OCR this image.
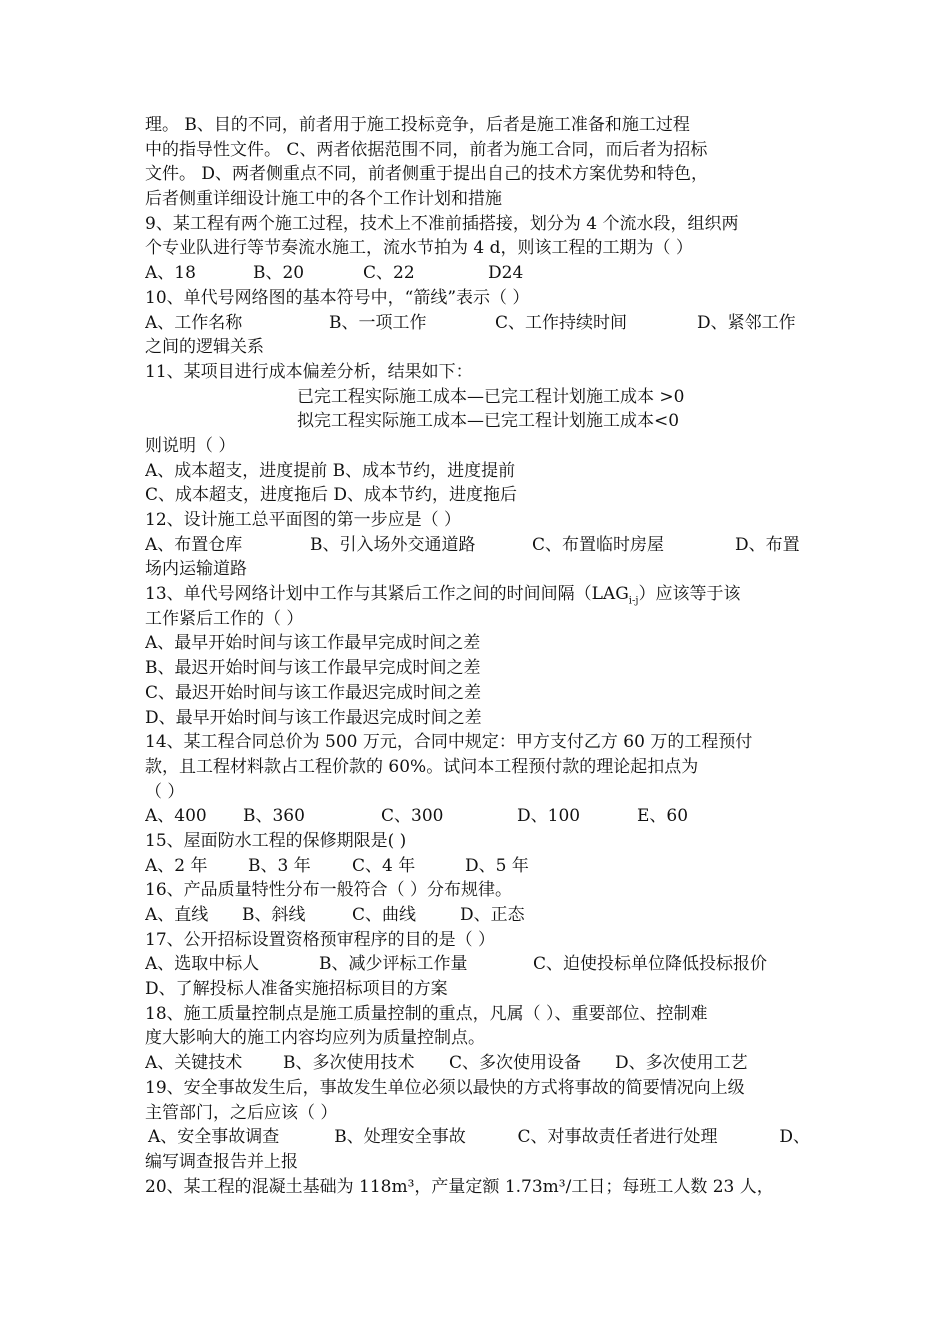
理。 B、目的不同，前者用于施工投标竞争，后者是施工准备和施工过程
中的指导性文件。 C、两者依据范围不同，前者为施工合同，而后者为招标
文件。 D、两者侧重点不同，前者侧重于提出自己的技术方案优势和特色，
后者侧重详细设计施工中的各个工作计划和措施
9、某工程有两个施工过程，技术上不准前插搭接，划分为 4 个流水段，组织两
个专业队进行等节奏流水施工，流水节拍为 4 d，则该工程的工期为（ ）
A、18	B、20	C、22	D24
10、单代号网络图的基本符号中，“箭线”表示（ ）
A、工作名称	B、一项工作	C、工作持续时间	D、紧邻工作
之间的逻辑关系
11、某项目进行成本偏差分析，结果如下：
已完工程实际施工成本—已完工程计划施工成本 >0
拟完工程实际施工成本—已完工程计划施工成本<0
则说明（ ）
A、成本超支，进度提前 B、成本节约，进度提前
C、成本超支，进度拖后 D、成本节约，进度拖后
12、设计施工总平面图的第一步应是（ ）
A、布置仓库	B、引入场外交通道路	C、布置临时房屋	D、布置
场内运输道路
13、单代号网络计划中工作与其紧后工作之间的时间间隔$(LAG_{i-j})$应该等于该
工作紧后工作的（ ）
A、最早开始时间与该工作最早完成时间之差
B、最迟开始时间与该工作最早完成时间之差
C、最迟开始时间与该工作最迟完成时间之差
D、最早开始时间与该工作最迟完成时间之差
14、某工程合同总价为 500 万元，合同中规定：甲方支付乙方 60 万的工程预付
款，且工程材料款占工程价款的 60%。试问本工程预付款的理论起扣点为
（ ）
A、400	B、360	C、300	D、100	E、60
15、屋面防水工程的保修期限是( )
A、2 年	B、3 年	C、4 年	D、5 年
16、产品质量特性分布一般符合（ ）分布规律。
A、直线	B、斜线	C、曲线	D、正态
17、公开招标设置资格预审程序的目的是（ ）
A、选取中标人	B、减少评标工作量	C、迫使投标单位降低投标报价
D、了解投标人准备实施招标项目的方案
18、施工质量控制点是施工质量控制的重点，凡属（ ）、重要部位、控制难
度大影响大的施工内容均应列为质量控制点。
A、关键技术	B、多次使用技术	C、多次使用设备	D、多次使用工艺
19、安全事故发生后，事故发生单位必须以最快的方式将事故的简要情况向上级
主管部门，之后应该（ ）
A、安全事故调查	B、处理安全事故	C、对事故责任者进行处理	D、
编写调查报告并上报
20、某工程的混凝土基础为 118m³，产量定额 1.73m³/工日；每班工人数 23 人，
